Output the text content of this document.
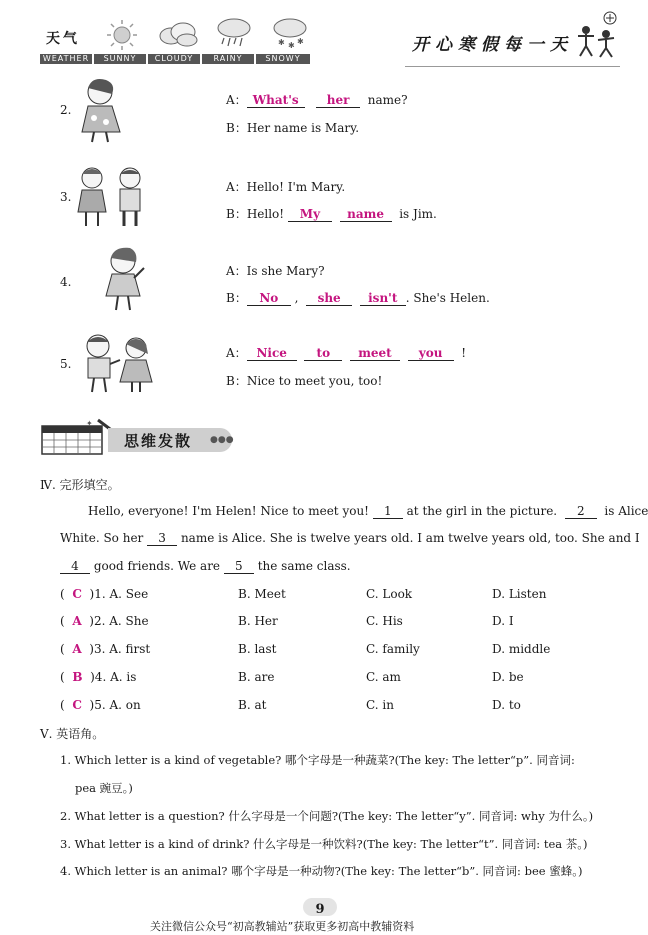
天气	✱ ✱ ✱
WEATHER	SUNNY	CLOUDY	RAINY	SNOWY
开心寒假每一天
2.
A： What's her name?
B：Her name is Mary.
3.
A：Hello! I'm Mary.
B：Hello! My name is Jim.
4.
A：Is she Mary?
B： No , she isn't . She's Helen.
5.
A： Nice to meet you !
B：Nice to meet you, too!
✦
思维发散 ●●●
Ⅳ. 完形填空。
Hello, everyone! I'm Helen! Nice to meet you! 1 at the girl in the picture. 2 is Alice
White. So her 3 name is Alice. She is twelve years old. I am twelve years old, too. She and I
4 good friends. We are 5 the same class.
( C )1. A. See	B. Meet	C. Look	D. Listen
( A )2. A. She	B. Her	C. His	D. I
( A )3. A. first	B. last	C. family	D. middle
( B )4. A. is	B. are	C. am	D. be
( C )5. A. on	B. at	C. in	D. to
Ⅴ. 英语角。
1. Which letter is a kind of vegetable? 哪个字母是一种蔬菜?(The key: The letter“p”. 同音词:
pea 豌豆。)
2. What letter is a question? 什么字母是一个问题?(The key: The letter“y”. 同音词: why 为什么。)
3. What letter is a kind of drink? 什么字母是一种饮料?(The key: The letter“t”. 同音词: tea 茶。)
4. Which letter is an animal? 哪个字母是一种动物?(The key: The letter“b”. 同音词: bee 蜜蜂。)
9
关注微信公众号“初高教辅站”获取更多初高中教辅资料
